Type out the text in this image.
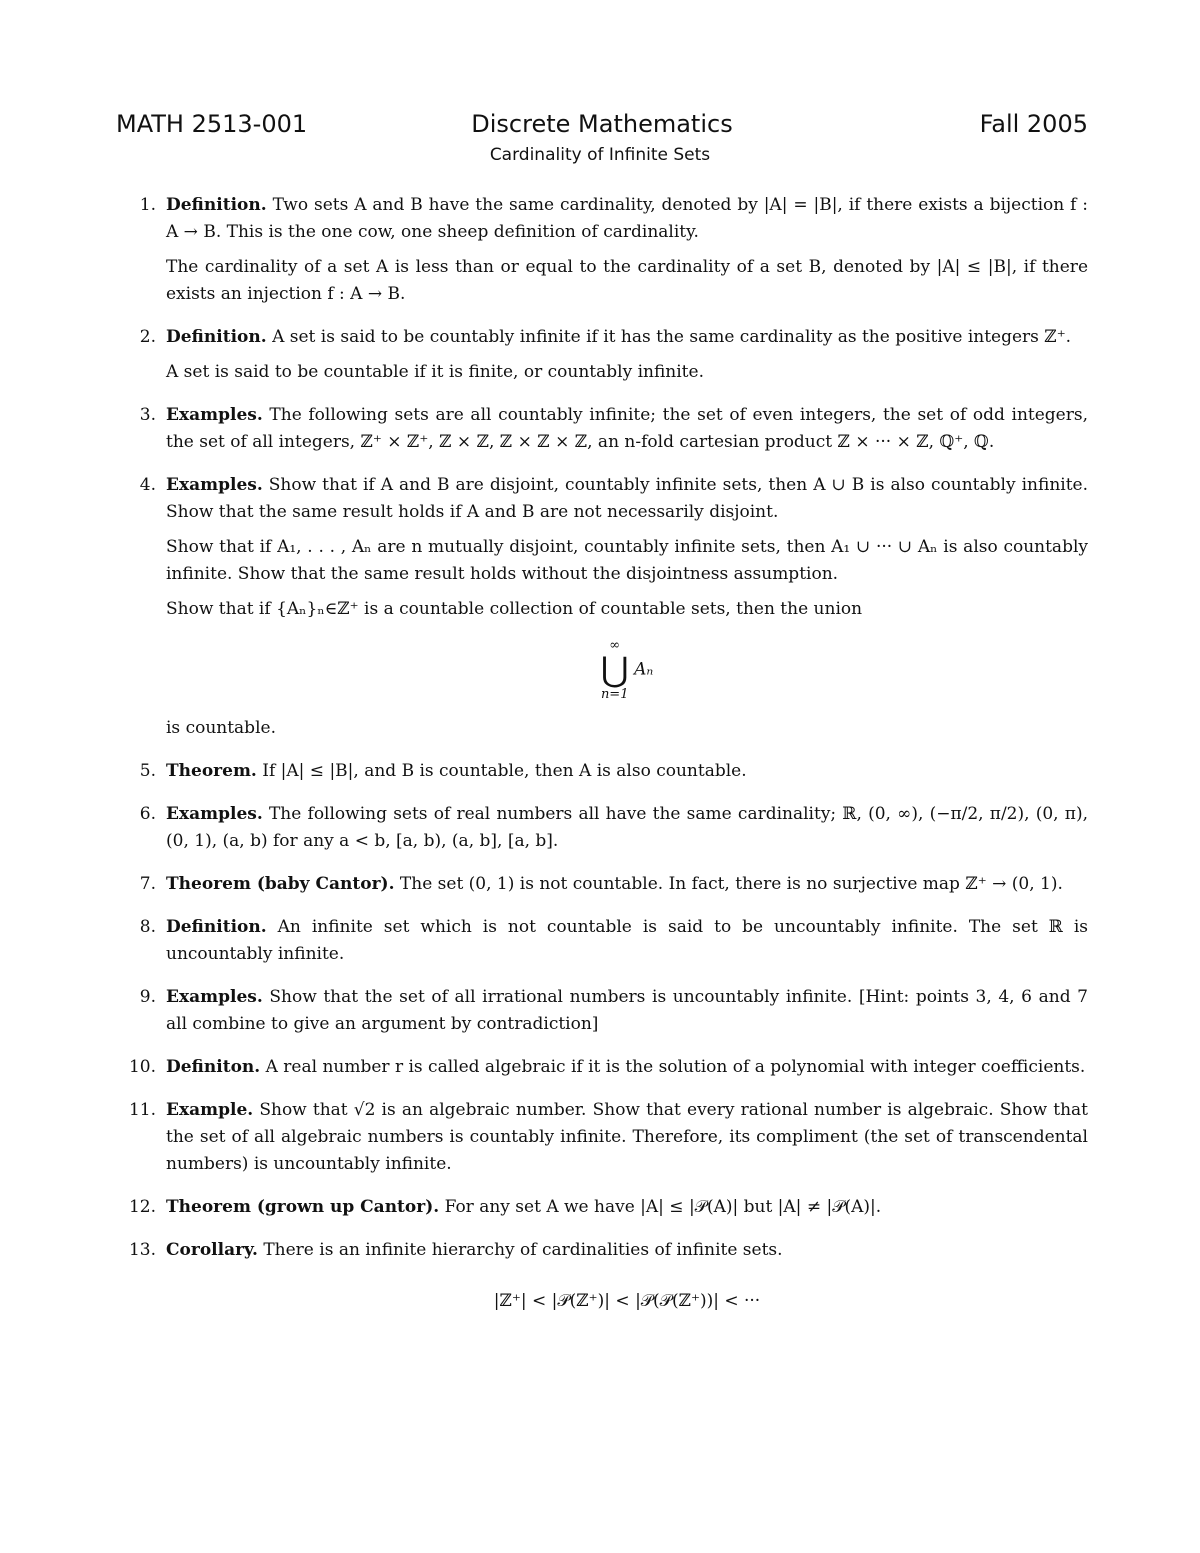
MATH 2513-001	Discrete Mathematics	Fall 2005
Cardinality of Infinite Sets
1. Definition. Two sets A and B have the same cardinality, denoted by |A| = |B|, if there exists a bijection f : A → B. This is the one cow, one sheep definition of cardinality.
The cardinality of a set A is less than or equal to the cardinality of a set B, denoted by |A| ≤ |B|, if there exists an injection f : A → B.
2. Definition. A set is said to be countably infinite if it has the same cardinality as the positive integers ℤ⁺.
A set is said to be countable if it is finite, or countably infinite.
3. Examples. The following sets are all countably infinite; the set of even integers, the set of odd integers, the set of all integers, ℤ⁺ × ℤ⁺, ℤ × ℤ, ℤ × ℤ × ℤ, an n-fold cartesian product ℤ × ··· × ℤ, ℚ⁺, ℚ.
4. Examples. Show that if A and B are disjoint, countably infinite sets, then A ∪ B is also countably infinite. Show that the same result holds if A and B are not necessarily disjoint.
Show that if A₁, . . . , Aₙ are n mutually disjoint, countably infinite sets, then A₁ ∪ ··· ∪ Aₙ is also countably infinite. Show that the same result holds without the disjointness assumption.
Show that if {Aₙ}ₙ∈ℤ⁺ is a countable collection of countable sets, then the union
∞
⋃
n=1
Aₙ
is countable.
5. Theorem. If |A| ≤ |B|, and B is countable, then A is also countable.
6. Examples. The following sets of real numbers all have the same cardinality; ℝ, (0, ∞), (−π/2, π/2), (0, π), (0, 1), (a, b) for any a < b, [a, b), (a, b], [a, b].
7. Theorem (baby Cantor). The set (0, 1) is not countable. In fact, there is no surjective map ℤ⁺ → (0, 1).
8. Definition. An infinite set which is not countable is said to be uncountably infinite. The set ℝ is uncountably infinite.
9. Examples. Show that the set of all irrational numbers is uncountably infinite. [Hint: points 3, 4, 6 and 7 all combine to give an argument by contradiction]
10. Definiton. A real number r is called algebraic if it is the solution of a polynomial with integer coefficients.
11. Example. Show that √2 is an algebraic number. Show that every rational number is algebraic. Show that the set of all algebraic numbers is countably infinite. Therefore, its compliment (the set of transcendental numbers) is uncountably infinite.
12. Theorem (grown up Cantor). For any set A we have |A| ≤ |𝒫(A)| but |A| ≠ |𝒫(A)|.
13. Corollary. There is an infinite hierarchy of cardinalities of infinite sets.
|ℤ⁺| < |𝒫(ℤ⁺)| < |𝒫(𝒫(ℤ⁺))| < ···
